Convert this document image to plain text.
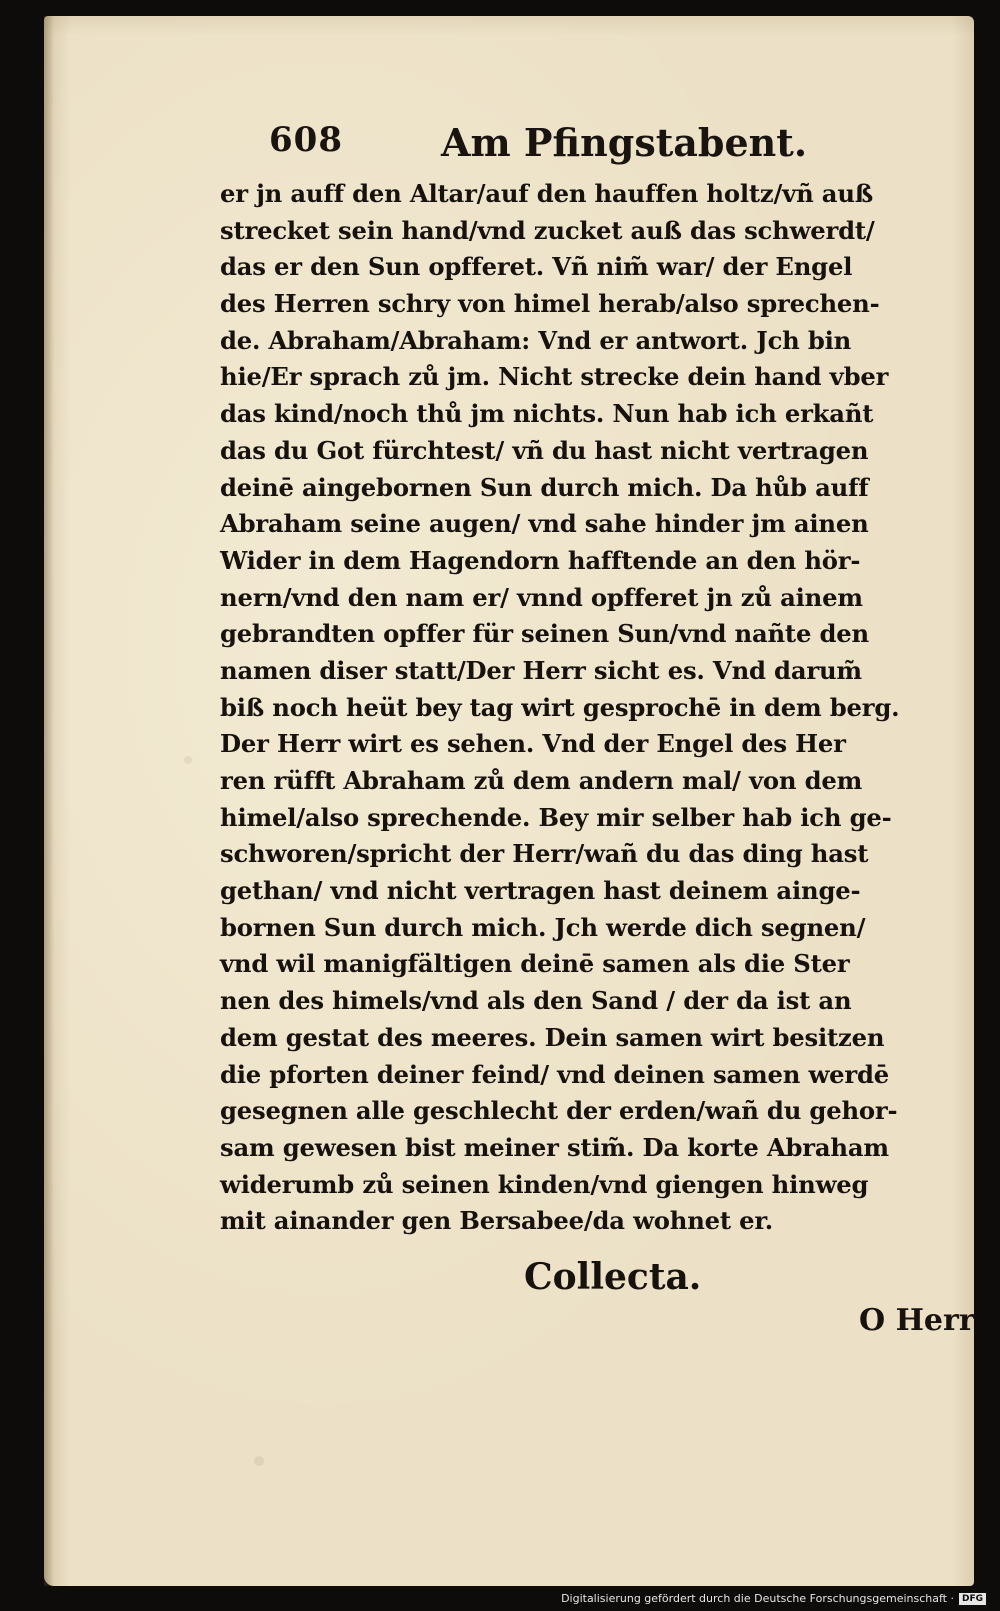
608	Am Pfingstabent.
er jn auff den Altar/auf den hauffen holtz/vñ auß
strecket sein hand/vnd zucket auß das schwerdt/
das er den Sun opfferet. Vñ nim̃ war/ der Engel
des Herren schry von himel herab/also sprechen-
de. Abraham/Abraham: Vnd er antwort. Jch bin
hie/Er sprach zů jm. Nicht strecke dein hand vber
das kind/noch thů jm nichts. Nun hab ich erkañt
das du Got fürchtest/ vñ du hast nicht vertragen
deinē aingebornen Sun durch mich. Da hůb auff
Abraham seine augen/ vnd sahe hinder jm ainen
Wider in dem Hagendorn hafftende an den hör-
nern/vnd den nam er/ vnnd opfferet jn zů ainem
gebrandten opffer für seinen Sun/vnd nañte den
namen diser statt/Der Herr sicht es. Vnd darum̃
biß noch heüt bey tag wirt gesprochē in dem berg.
Der Herr wirt es sehen. Vnd der Engel des Her
ren rüfft Abraham zů dem andern mal/ von dem
himel/also sprechende. Bey mir selber hab ich ge-
schworen/spricht der Herr/wañ du das ding hast
gethan/ vnd nicht vertragen hast deinem ainge-
bornen Sun durch mich. Jch werde dich segnen/
vnd wil manigfältigen deinē samen als die Ster
nen des himels/vnd als den Sand / der da ist an
dem gestat des meeres. Dein samen wirt besitzen
die pforten deiner feind/ vnd deinen samen werdē
gesegnen alle geschlecht der erden/wañ du gehor-
sam gewesen bist meiner stim̃. Da korte Abraham
widerumb zů seinen kinden/vnd giengen hinweg
mit ainander gen Bersabee/da wohnet er.
Collecta.
O Herr
Digitalisierung gefördert durch die Deutsche Forschungsgemeinschaft · DFG
